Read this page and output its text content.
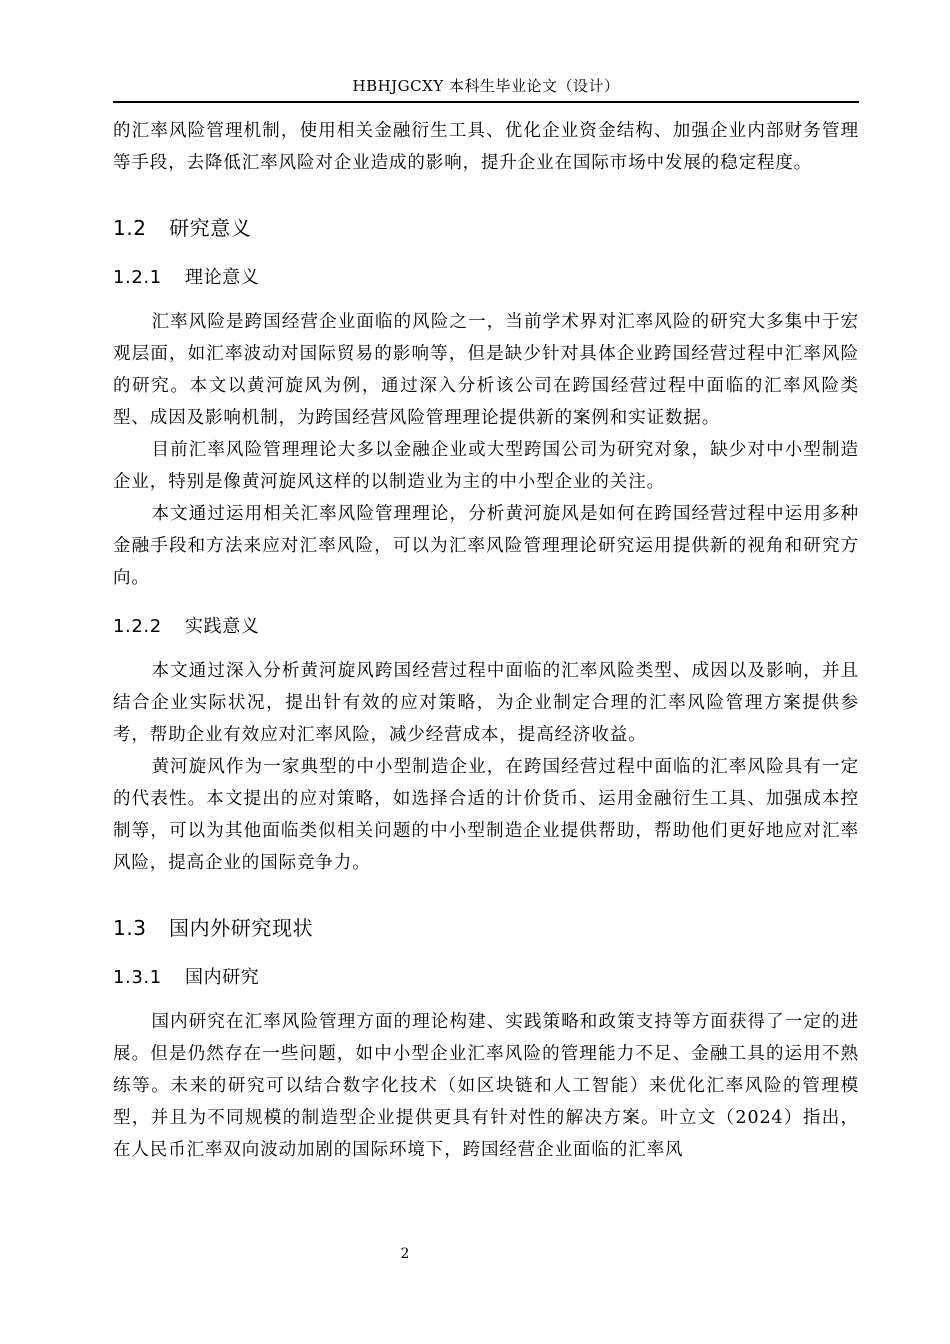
HBHJGCXY 本科生毕业论文（设计）

的汇率风险管理机制，使用相关金融衍生工具、优化企业资金结构、加强企业内部财务管理等手段，去降低汇率风险对企业造成的影响，提升企业在国际市场中发展的稳定程度。

1.2 研究意义
1.2.1 理论意义

汇率风险是跨国经营企业面临的风险之一，当前学术界对汇率风险的研究大多集中于宏观层面，如汇率波动对国际贸易的影响等，但是缺少针对具体企业跨国经营过程中汇率风险的研究。本文以黄河旋风为例，通过深入分析该公司在跨国经营过程中面临的汇率风险类型、成因及影响机制，为跨国经营风险管理理论提供新的案例和实证数据。

目前汇率风险管理理论大多以金融企业或大型跨国公司为研究对象，缺少对中小型制造企业，特别是像黄河旋风这样的以制造业为主的中小型企业的关注。

本文通过运用相关汇率风险管理理论，分析黄河旋风是如何在跨国经营过程中运用多种金融手段和方法来应对汇率风险，可以为汇率风险管理理论研究运用提供新的视角和研究方向。

1.2.2 实践意义

本文通过深入分析黄河旋风跨国经营过程中面临的汇率风险类型、成因以及影响，并且结合企业实际状况，提出针有效的应对策略，为企业制定合理的汇率风险管理方案提供参考，帮助企业有效应对汇率风险，减少经营成本，提高经济收益。

黄河旋风作为一家典型的中小型制造企业，在跨国经营过程中面临的汇率风险具有一定的代表性。本文提出的应对策略，如选择合适的计价货币、运用金融衍生工具、加强成本控制等，可以为其他面临类似相关问题的中小型制造企业提供帮助，帮助他们更好地应对汇率风险，提高企业的国际竞争力。

1.3 国内外研究现状
1.3.1 国内研究

国内研究在汇率风险管理方面的理论构建、实践策略和政策支持等方面获得了一定的进展。但是仍然存在一些问题，如中小型企业汇率风险的管理能力不足、金融工具的运用不熟练等。未来的研究可以结合数字化技术（如区块链和人工智能）来优化汇率风险的管理模型，并且为不同规模的制造型企业提供更具有针对性的解决方案。叶立文（2024）指出，在人民币汇率双向波动加剧的国际环境下，跨国经营企业面临的汇率风

2
